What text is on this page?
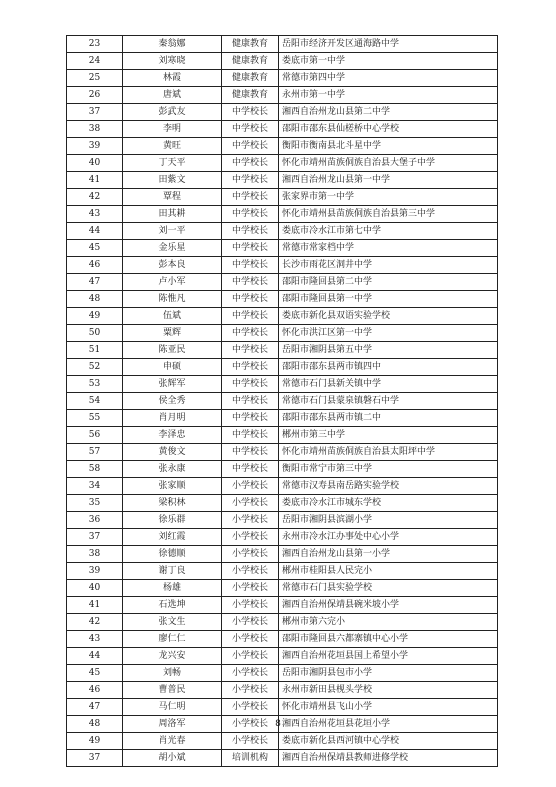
23	秦翁娜	健康教育	岳阳市经济开发区通海路中学
24	刘寒晓	健康教育	娄底市第一中学
25	林霞	健康教育	常德市第四中学
26	唐斌	健康教育	永州市第一中学
37	彭武友	中学校长	湘西自治州龙山县第二中学
38	李明	中学校长	邵阳市邵东县仙槎桥中心学校
39	黄旺	中学校长	衡阳市衡南县北斗星中学
40	丁天平	中学校长	怀化市靖州苗族侗族自治县大堡子中学
41	田紫文	中学校长	湘西自治州龙山县第一中学
42	覃程	中学校长	张家界市第一中学
43	田其耕	中学校长	怀化市靖州县苗族侗族自治县第三中学
44	刘一平	中学校长	娄底市冷水江市第七中学
45	金乐星	中学校长	常德市常家档中学
46	彭本良	中学校长	长沙市雨花区洞井中学
47	卢小军	中学校长	邵阳市隆回县第二中学
48	陈惟凡	中学校长	邵阳市隆回县第一中学
49	伍斌	中学校长	娄底市新化县双语实验学校
50	粟辉	中学校长	怀化市洪江区第一中学
51	陈亚民	中学校长	岳阳市湘阴县第五中学
52	申硕	中学校长	邵阳市邵东县两市镇四中
53	张辉军	中学校长	常德市石门县新关镇中学
54	侯全秀	中学校长	常德市石门县蒙泉镇磐石中学
55	肖月明	中学校长	邵阳市邵东县两市镇二中
56	李泽忠	中学校长	郴州市第三中学
57	黄俊文	中学校长	怀化市靖州苗族侗族自治县太阳坪中学
58	张永康	中学校长	衡阳市常宁市第三中学
34	张家顺	小学校长	常德市汉寿县南岳路实验学校
35	梁积林	小学校长	娄底市冷水江市城东学校
36	徐乐群	小学校长	岳阳市湘阴县滨湖小学
37	刘红霞	小学校长	永州市冷水江办事处中心小学
38	徐德顺	小学校长	湘西自治州龙山县第一小学
39	谢丁良	小学校长	郴州市桂阳县人民完小
40	杨雄	小学校长	常德市石门县实验学校
41	石选坤	小学校长	湘西自治州保靖县碗米坡小学
42	张文生	小学校长	郴州市第六完小
43	廖仁仁	小学校长	邵阳市隆回县六都寨镇中心小学
44	龙兴安	小学校长	湘西自治州花垣县国上希望小学
45	刘畅	小学校长	岳阳市湘阴县包市小学
46	曹普民	小学校长	永州市新田县枧头学校
47	马仁明	小学校长	怀化市靖州县飞山小学
48	周洛军	小学校长	湘西自治州花垣县花垣小学
49	肖光春	小学校长	娄底市新化县西河镇中心学校
37	胡小斌	培训机构	湘西自治州保靖县教师进修学校
8
